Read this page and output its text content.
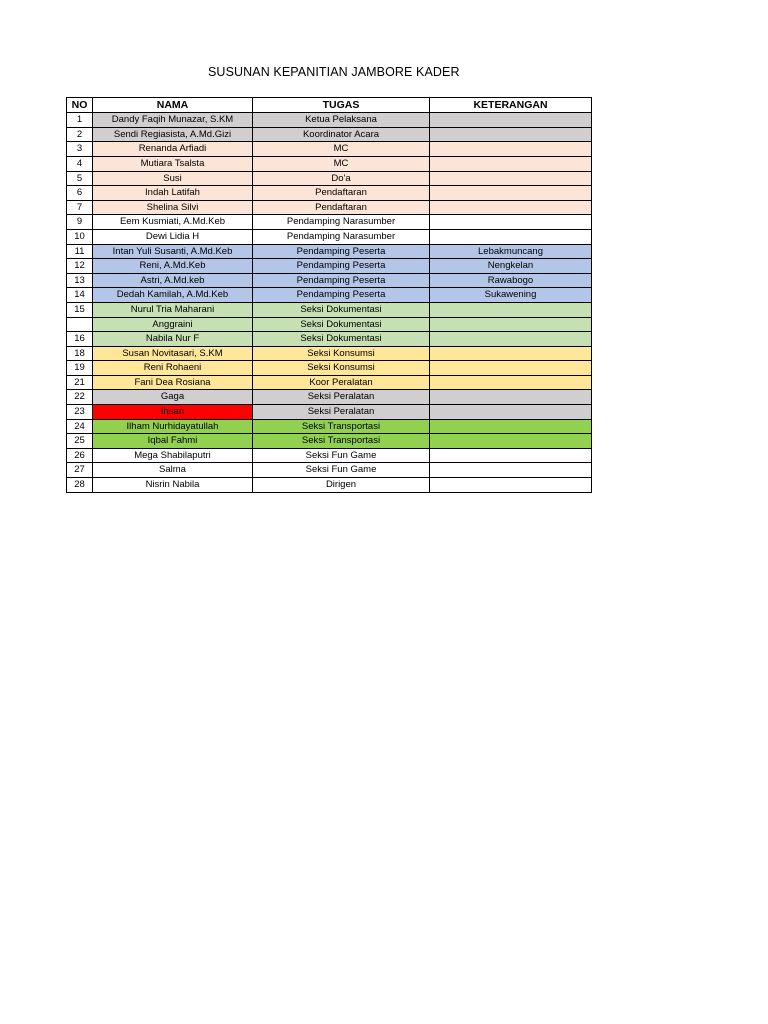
SUSUNAN KEPANITIAN JAMBORE KADER
NO	NAMA	TUGAS	KETERANGAN
1	Dandy Faqih Munazar, S.KM	Ketua Pelaksana	
2	Sendi Regiasista, A.Md.Gizi	Koordinator Acara	
3	Renanda Arfiadi	MC	
4	Mutiara Tsalsta	MC	
5	Susi	Do'a	
6	Indah Latifah	Pendaftaran	
7	Shelina Silvi	Pendaftaran	
9	Eem Kusmiati, A.Md.Keb	Pendamping Narasumber	
10	Dewi Lidia H	Pendamping Narasumber	
11	Intan Yuli Susanti, A.Md.Keb	Pendamping Peserta	Lebakmuncang
12	Reni, A.Md.Keb	Pendamping Peserta	Nengkelan
13	Astri, A.Md.keb	Pendamping Peserta	Rawabogo
14	Dedah Kamilah, A.Md.Keb	Pendamping Peserta	Sukawening
15	Nurul Tria Maharani	Seksi Dokumentasi	
	Anggraini	Seksi Dokumentasi	
16	Nabila Nur F	Seksi Dokumentasi	
18	Susan Novitasari, S.KM	Seksi Konsumsi	
19	Reni Rohaeni	Seksi Konsumsi	
21	Fani Dea Rosiana	Koor Peralatan	
22	Gaga	Seksi Peralatan	
23	Ihsan	Seksi Peralatan	
24	Ilham Nurhidayatullah	Seksi Transportasi	
25	Iqbal Fahmi	Seksi Transportasi	
26	Mega Shabilaputri	Seksi Fun Game	
27	Salma	Seksi Fun Game	
28	Nisrin Nabila	Dirigen	
